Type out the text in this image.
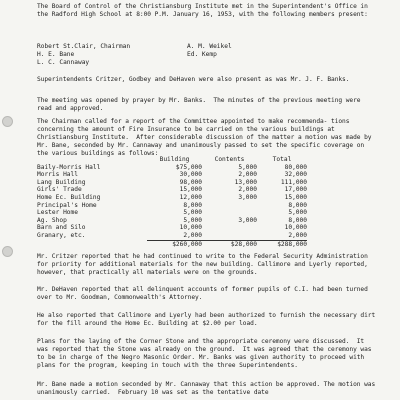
The Board of Control of the Christiansburg Institute met in the Superintendent's Office in the Radford High School at 8:00 P.M. January 16, 1953, with the following members present:

Robert St.Clair, Chairman
H. E. Bane
L. C. Cannaway
A. M. Weikel
Ed. Kemp

Superintendents Critzer, Godbey and DeHaven were also present as was Mr. J. F. Banks.

The meeting was opened by prayer by Mr. Banks.  The minutes of the previous meeting were read and approved.

The Chairman called for a report of the Committee appointed to make recommenda- tions concerning the amount of Fire Insurance to be carried on the various buildings at Christiansburg Institute.  After considerable discussion of the matter a motion was made by Mr. Bane, seconded by Mr. Cannaway and unanimously passed to set the specific coverage on the various buildings as follows:

	Building	Contents	Total
Baily-Morris Hall	$75,000	5,000	80,000
Morris Hall	30,000	2,000	32,000
Lang Building	98,000	13,000	111,000
Girls' Trade	15,000	2,000	17,000
Home Ec. Building	12,000	3,000	15,000
Principal's Home	8,000		8,000
Lester Home	5,000		5,000
Ag. Shop	5,000	3,000	8,000
Barn and Silo	10,000		10,000
Granary, etc.	2,000		2,000
	$260,000	$28,000	$288,000

Mr. Critzer reported that he had continued to write to the Federal Security Administration for priority for additional materials for the new building. Callimore and Lyerly reported, however, that practically all materials were on the grounds.

Mr. DeHaven reported that all delinquent accounts of former pupils of C.I. had been turned over to Mr. Goodman, Commonwealth's Attorney.

He also reported that Callimore and Lyerly had been authorized to furnish the necessary dirt for the fill around the Home Ec. Building at $2.00 per load.

Plans for the laying of the Corner Stone and the appropriate ceremony were discussed.  It was reported that the Stone was already on the ground.  It was agreed that the ceremony was to be in charge of the Negro Masonic Order. Mr. Banks was given authority to proceed with plans for the program, keeping in touch with the three Superintendents.

Mr. Bane made a motion seconded by Mr. Cannaway that this action be approved. The motion was unanimously carried.  February 10 was set as the tentative date
